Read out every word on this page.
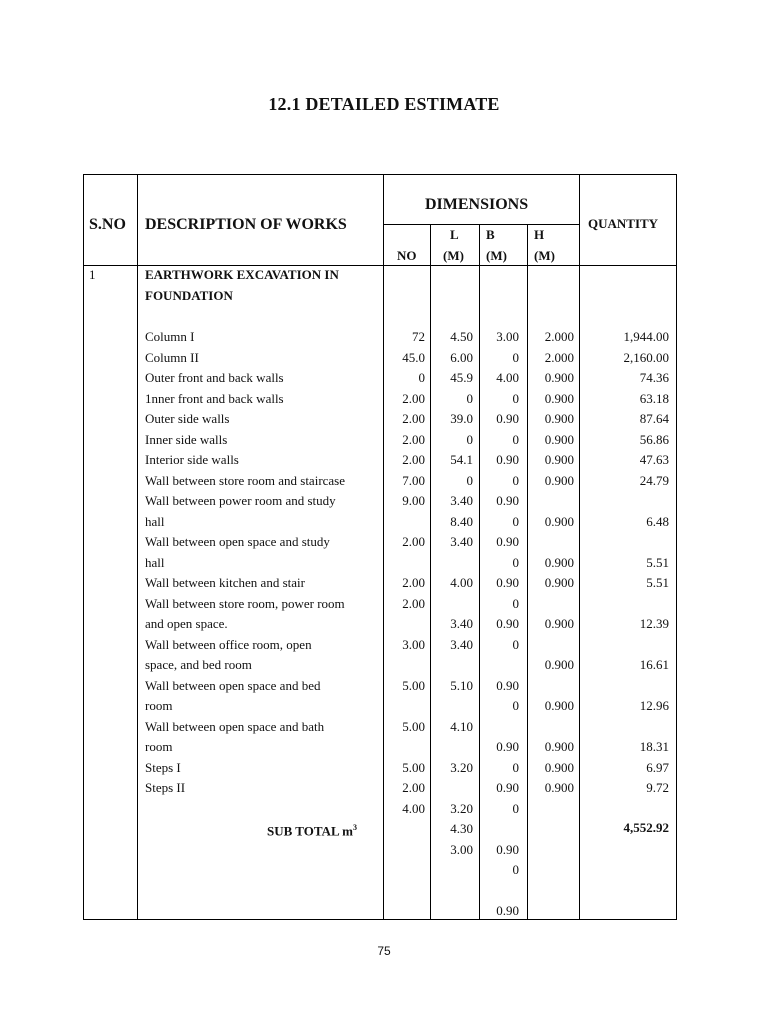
12.1 DETAILED ESTIMATE
S.NO DESCRIPTION OF WORKS
DIMENSIONS
QUANTITY
NO
L
(M)
B
(M)
H
(M)
1	EARTHWORK EXCAVATION IN
FOUNDATION
Column I
Column II
Outer front and back walls
1nner front and back walls
Outer side walls
Inner side walls
Interior side walls
Wall between store room and staircase
Wall between power room and study
hall
Wall between open space and study
hall
Wall between kitchen and stair
Wall between store room, power room
and open space.
Wall between office room, open
space, and bed room
Wall between open space and bed
room
Wall between open space and bath
room
Steps I
Steps II
72
45.0
0
2.00
2.00
2.00
2.00
7.00
9.00
2.00
2.00
2.00
3.00
5.00
5.00
5.00
2.00
4.00
4.50
6.00
45.9
0
39.0
0
54.1
0
3.40
8.40
3.40
4.00
3.40
3.40
5.10
4.10
3.20
3.20
4.30
3.00
3.00
0
4.00
0
0.90
0
0.90
0
0.90
0
0.90
0
0.90
0
0.90
0
0.90
0
0.90
0
0.90
0
0.90
0
0.90
2.000
2.000
0.900
0.900
0.900
0.900
0.900
0.900
0.900
0.900
0.900
0.900
0.900
0.900
0.900
0.900
0.900
1,944.00
2,160.00
74.36
63.18
87.64
56.86
47.63
24.79
6.48
5.51
5.51
12.39
16.61
12.96
18.31
6.97
9.72
SUB TOTAL $m^3$	4,552.92
75
